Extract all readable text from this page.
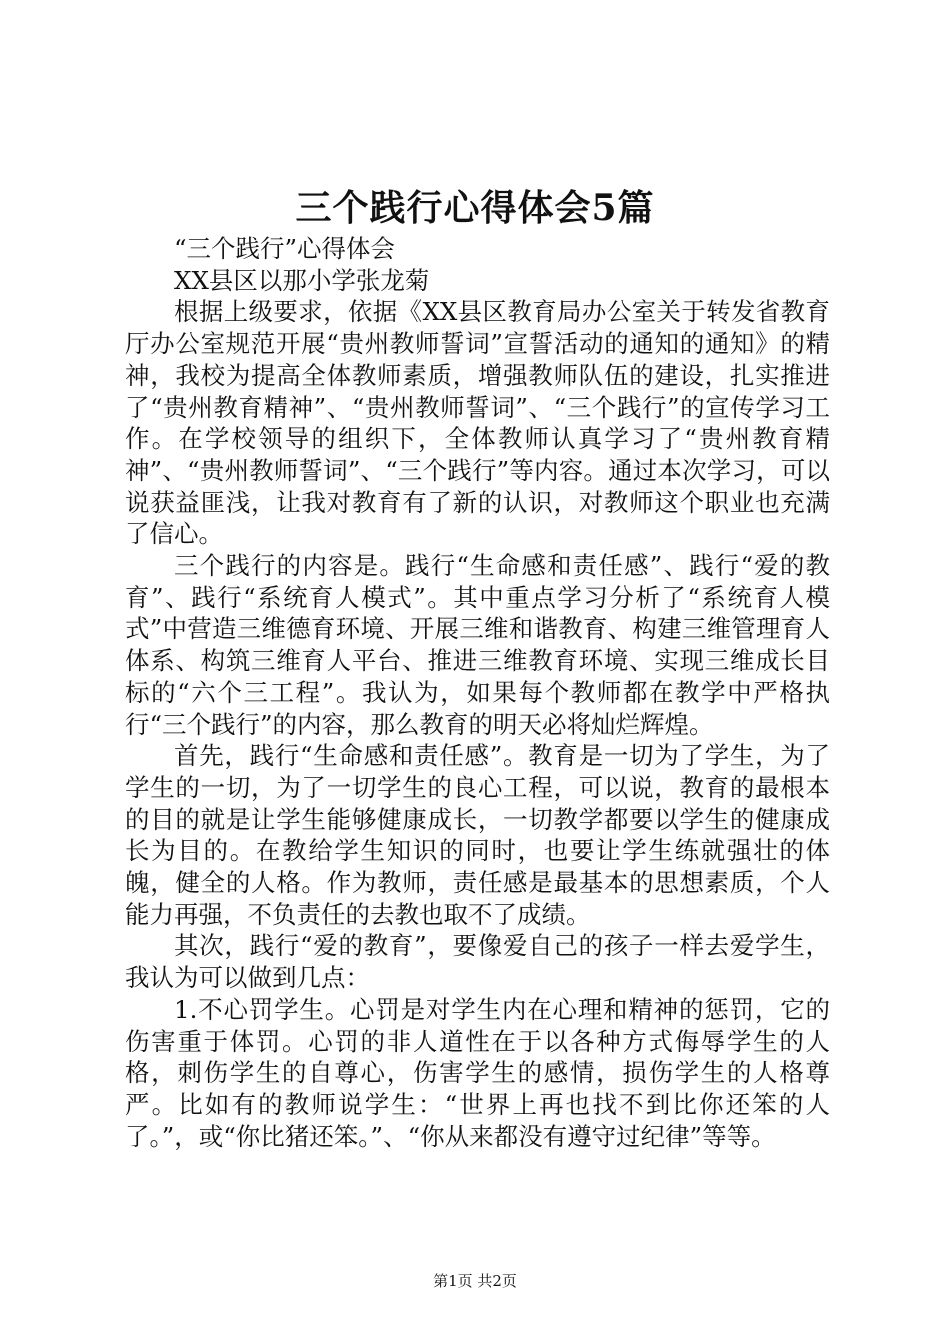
三个践行心得体会5篇

“三个践行”心得体会

XX县区以那小学张龙菊

根据上级要求，依据《XX县区教育局办公室关于转发省教育厅办公室规范开展“贵州教师誓词”宣誓活动的通知的通知》的精神，我校为提高全体教师素质，增强教师队伍的建设，扎实推进了“贵州教育精神”、“贵州教师誓词”、“三个践行”的宣传学习工作。在学校领导的组织下，全体教师认真学习了“贵州教育精神”、“贵州教师誓词”、“三个践行”等内容。通过本次学习，可以说获益匪浅，让我对教育有了新的认识，对教师这个职业也充满了信心。

三个践行的内容是。践行“生命感和责任感”、践行“爱的教育”、践行“系统育人模式”。其中重点学习分析了“系统育人模式”中营造三维德育环境、开展三维和谐教育、构建三维管理育人体系、构筑三维育人平台、推进三维教育环境、实现三维成长目标的“六个三工程”。我认为，如果每个教师都在教学中严格执行“三个践行”的内容，那么教育的明天必将灿烂辉煌。

首先，践行“生命感和责任感”。教育是一切为了学生，为了学生的一切，为了一切学生的良心工程，可以说，教育的最根本的目的就是让学生能够健康成长，一切教学都要以学生的健康成长为目的。在教给学生知识的同时，也要让学生练就强壮的体魄，健全的人格。作为教师，责任感是最基本的思想素质，个人能力再强，不负责任的去教也取不了成绩。

其次，践行“爱的教育”，要像爱自己的孩子一样去爱学生，我认为可以做到几点：

1.不心罚学生。心罚是对学生内在心理和精神的惩罚，它的伤害重于体罚。心罚的非人道性在于以各种方式侮辱学生的人格，刺伤学生的自尊心，伤害学生的感情，损伤学生的人格尊严。比如有的教师说学生：“世界上再也找不到比你还笨的人了。”，或“你比猪还笨。”、“你从来都没有遵守过纪律”等等。

第1页 共2页
